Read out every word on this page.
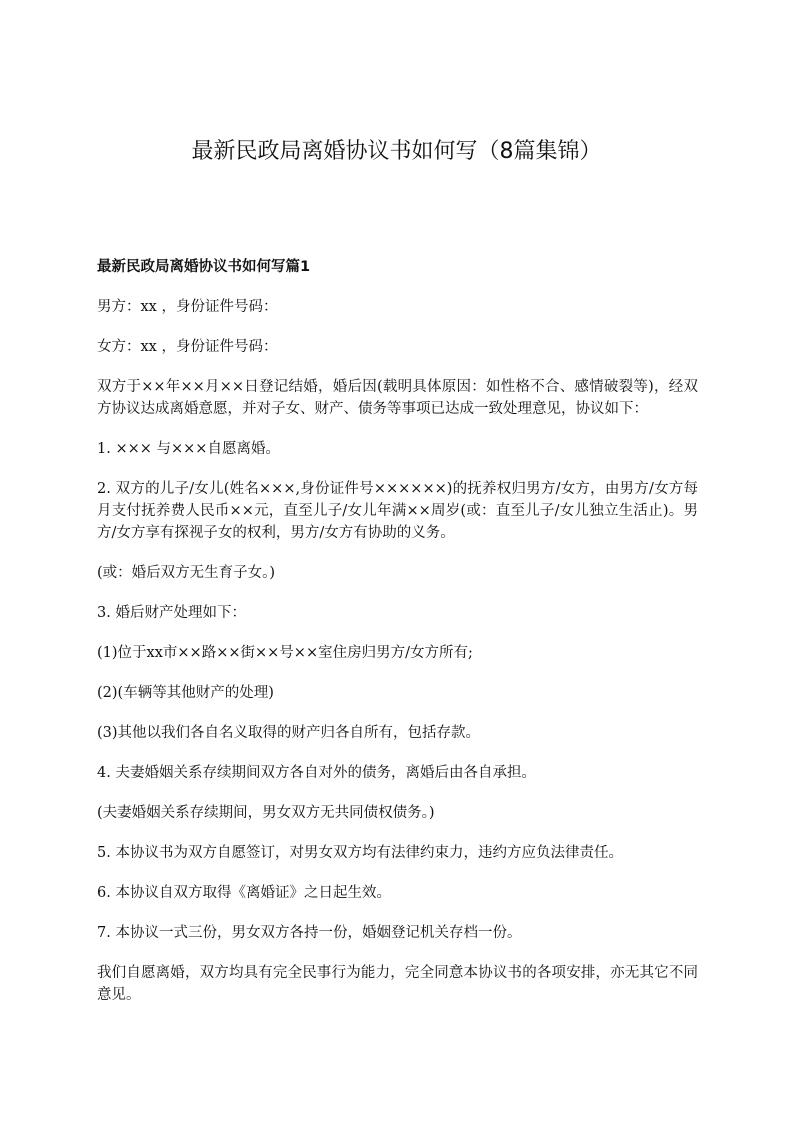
最新民政局离婚协议书如何写（8篇集锦）
最新民政局离婚协议书如何写篇1

男方：xx ，身份证件号码：

女方：xx ，身份证件号码：

双方于××年××月××日登记结婚，婚后因(载明具体原因：如性格不合、感情破裂等)，经双方协议达成离婚意愿，并对子女、财产、债务等事项已达成一致处理意见，协议如下：

1. ××× 与×××自愿离婚。

2. 双方的儿子/女儿(姓名×××,身份证件号××××××)的抚养权归男方/女方，由男方/女方每月支付抚养费人民币××元，直至儿子/女儿年满××周岁(或：直至儿子/女儿独立生活止)。男方/女方享有探视子女的权利，男方/女方有协助的义务。

(或：婚后双方无生育子女。)

3. 婚后财产处理如下：

(1)位于xx市××路××街××号××室住房归男方/女方所有;

(2)(车辆等其他财产的处理)

(3)其他以我们各自名义取得的财产归各自所有，包括存款。

4. 夫妻婚姻关系存续期间双方各自对外的债务，离婚后由各自承担。

(夫妻婚姻关系存续期间，男女双方无共同债权债务。)

5. 本协议书为双方自愿签订，对男女双方均有法律约束力，违约方应负法律责任。

6. 本协议自双方取得《离婚证》之日起生效。

7. 本协议一式三份，男女双方各持一份，婚姻登记机关存档一份。

我们自愿离婚，双方均具有完全民事行为能力，完全同意本协议书的各项安排，亦无其它不同意见。
